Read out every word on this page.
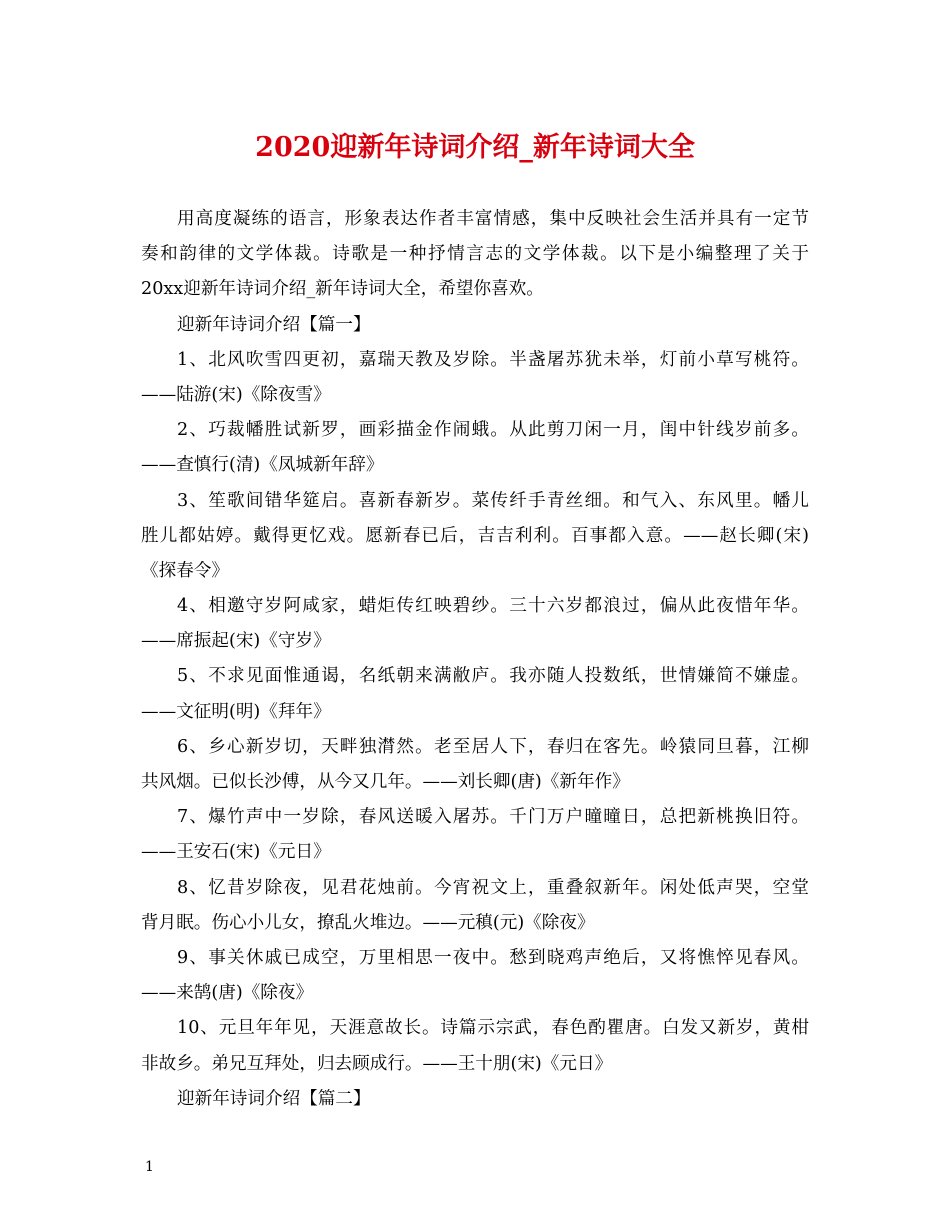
2020迎新年诗词介绍_新年诗词大全
用高度凝练的语言，形象表达作者丰富情感，集中反映社会生活并具有一定节
奏和韵律的文学体裁。诗歌是一种抒情言志的文学体裁。以下是小编整理了关于
20xx迎新年诗词介绍_新年诗词大全，希望你喜欢。
迎新年诗词介绍【篇一】
1、北风吹雪四更初，嘉瑞天教及岁除。半盏屠苏犹未举，灯前小草写桃符。
——陆游(宋)《除夜雪》
2、巧裁幡胜试新罗，画彩描金作闹蛾。从此剪刀闲一月，闺中针线岁前多。
——查慎行(清)《凤城新年辞》
3、笙歌间错华筵启。喜新春新岁。菜传纤手青丝细。和气入、东风里。幡儿
胜儿都姑婷。戴得更忆戏。愿新春已后，吉吉利利。百事都入意。——赵长卿(宋)
《探春令》
4、相邀守岁阿咸家，蜡炬传红映碧纱。三十六岁都浪过，偏从此夜惜年华。
——席振起(宋)《守岁》
5、不求见面惟通谒，名纸朝来满敝庐。我亦随人投数纸，世情嫌简不嫌虚。
——文征明(明)《拜年》
6、乡心新岁切，天畔独潸然。老至居人下，春归在客先。岭猿同旦暮，江柳
共风烟。已似长沙傅，从今又几年。——刘长卿(唐)《新年作》
7、爆竹声中一岁除，春风送暖入屠苏。千门万户曈曈日，总把新桃换旧符。
——王安石(宋)《元日》
8、忆昔岁除夜，见君花烛前。今宵祝文上，重叠叙新年。闲处低声哭，空堂
背月眠。伤心小儿女，撩乱火堆边。——元稹(元)《除夜》
9、事关休戚已成空，万里相思一夜中。愁到晓鸡声绝后，又将憔悴见春风。
——来鹄(唐)《除夜》
10、元旦年年见，天涯意故长。诗篇示宗武，春色酌瞿唐。白发又新岁，黄柑
非故乡。弟兄互拜处，归去顾成行。——王十朋(宋)《元日》
迎新年诗词介绍【篇二】
1
